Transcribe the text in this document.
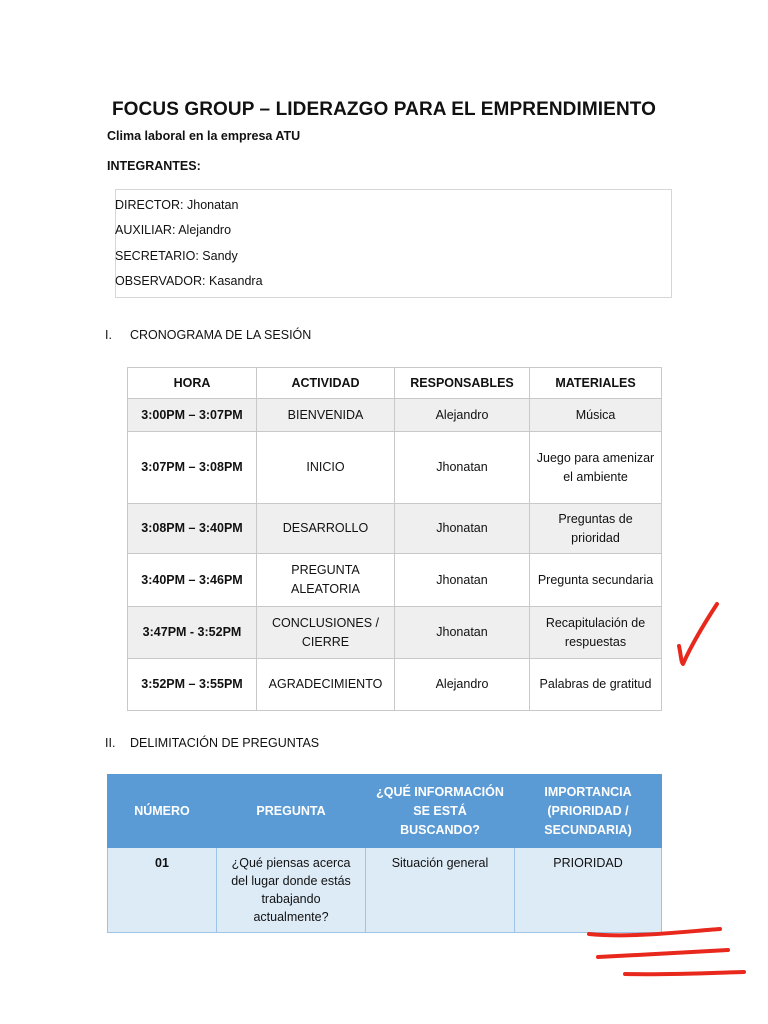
FOCUS GROUP – LIDERAZGO PARA EL EMPRENDIMIENTO
Clima laboral en la empresa ATU
INTEGRANTES:
DIRECTOR: Jhonatan
AUXILIAR: Alejandro
SECRETARIO: Sandy
OBSERVADOR: Kasandra
I. CRONOGRAMA DE LA SESIÓN
HORA	ACTIVIDAD	RESPONSABLES	MATERIALES
3:00PM – 3:07PM	BIENVENIDA	Alejandro	Música
3:07PM – 3:08PM	INICIO	Jhonatan	Juego para amenizar el ambiente
3:08PM – 3:40PM	DESARROLLO	Jhonatan	Preguntas de prioridad
3:40PM – 3:46PM	PREGUNTA ALEATORIA	Jhonatan	Pregunta secundaria
3:47PM - 3:52PM	CONCLUSIONES / CIERRE	Jhonatan	Recapitulación de respuestas
3:52PM – 3:55PM	AGRADECIMIENTO	Alejandro	Palabras de gratitud
II. DELIMITACIÓN DE PREGUNTAS
NÚMERO	PREGUNTA	¿QUÉ INFORMACIÓN SE ESTÁ BUSCANDO?	IMPORTANCIA (PRIORIDAD / SECUNDARIA)
01	¿Qué piensas acerca del lugar donde estás trabajando actualmente?	Situación general	PRIORIDAD
